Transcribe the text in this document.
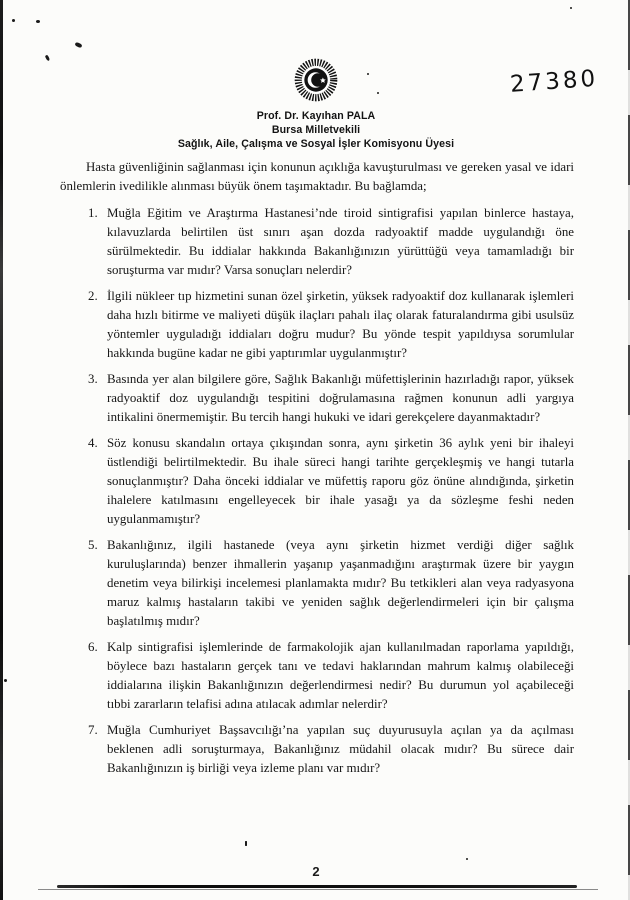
27380
Prof. Dr. Kayıhan PALA
Bursa Milletvekili
Sağlık, Aile, Çalışma ve Sosyal İşler Komisyonu Üyesi

Hasta güvenliğinin sağlanması için konunun açıklığa kavuşturulması ve gereken yasal ve idari önlemlerin ivedilikle alınması büyük önem taşımaktadır. Bu bağlamda;

1. Muğla Eğitim ve Araştırma Hastanesi’nde tiroid sintigrafisi yapılan binlerce hastaya, kılavuzlarda belirtilen üst sınırı aşan dozda radyoaktif madde uygulandığı öne sürülmektedir. Bu iddialar hakkında Bakanlığınızın yürüttüğü veya tamamladığı bir soruşturma var mıdır? Varsa sonuçları nelerdir?
2. İlgili nükleer tıp hizmetini sunan özel şirketin, yüksek radyoaktif doz kullanarak işlemleri daha hızlı bitirme ve maliyeti düşük ilaçları pahalı ilaç olarak faturalandırma gibi usulsüz yöntemler uyguladığı iddiaları doğru mudur? Bu yönde tespit yapıldıysa sorumlular hakkında bugüne kadar ne gibi yaptırımlar uygulanmıştır?
3. Basında yer alan bilgilere göre, Sağlık Bakanlığı müfettişlerinin hazırladığı rapor, yüksek radyoaktif doz uygulandığı tespitini doğrulamasına rağmen konunun adli yargıya intikalini önermemiştir. Bu tercih hangi hukuki ve idari gerekçelere dayanmaktadır?
4. Söz konusu skandalın ortaya çıkışından sonra, aynı şirketin 36 aylık yeni bir ihaleyi üstlendiği belirtilmektedir. Bu ihale süreci hangi tarihte gerçekleşmiş ve hangi tutarla sonuçlanmıştır? Daha önceki iddialar ve müfettiş raporu göz önüne alındığında, şirketin ihalelere katılmasını engelleyecek bir ihale yasağı ya da sözleşme feshi neden uygulanmamıştır?
5. Bakanlığınız, ilgili hastanede (veya aynı şirketin hizmet verdiği diğer sağlık kuruluşlarında) benzer ihmallerin yaşanıp yaşanmadığını araştırmak üzere bir yaygın denetim veya bilirkişi incelemesi planlamakta mıdır? Bu tetkikleri alan veya radyasyona maruz kalmış hastaların takibi ve yeniden sağlık değerlendirmeleri için bir çalışma başlatılmış mıdır?
6. Kalp sintigrafisi işlemlerinde de farmakolojik ajan kullanılmadan raporlama yapıldığı, böylece bazı hastaların gerçek tanı ve tedavi haklarından mahrum kalmış olabileceği iddialarına ilişkin Bakanlığınızın değerlendirmesi nedir? Bu durumun yol açabileceği tıbbi zararların telafisi adına atılacak adımlar nelerdir?
7. Muğla Cumhuriyet Başsavcılığı’na yapılan suç duyurusuyla açılan ya da açılması beklenen adli soruşturmaya, Bakanlığınız müdahil olacak mıdır? Bu sürece dair Bakanlığınızın iş birliği veya izleme planı var mıdır?
2
